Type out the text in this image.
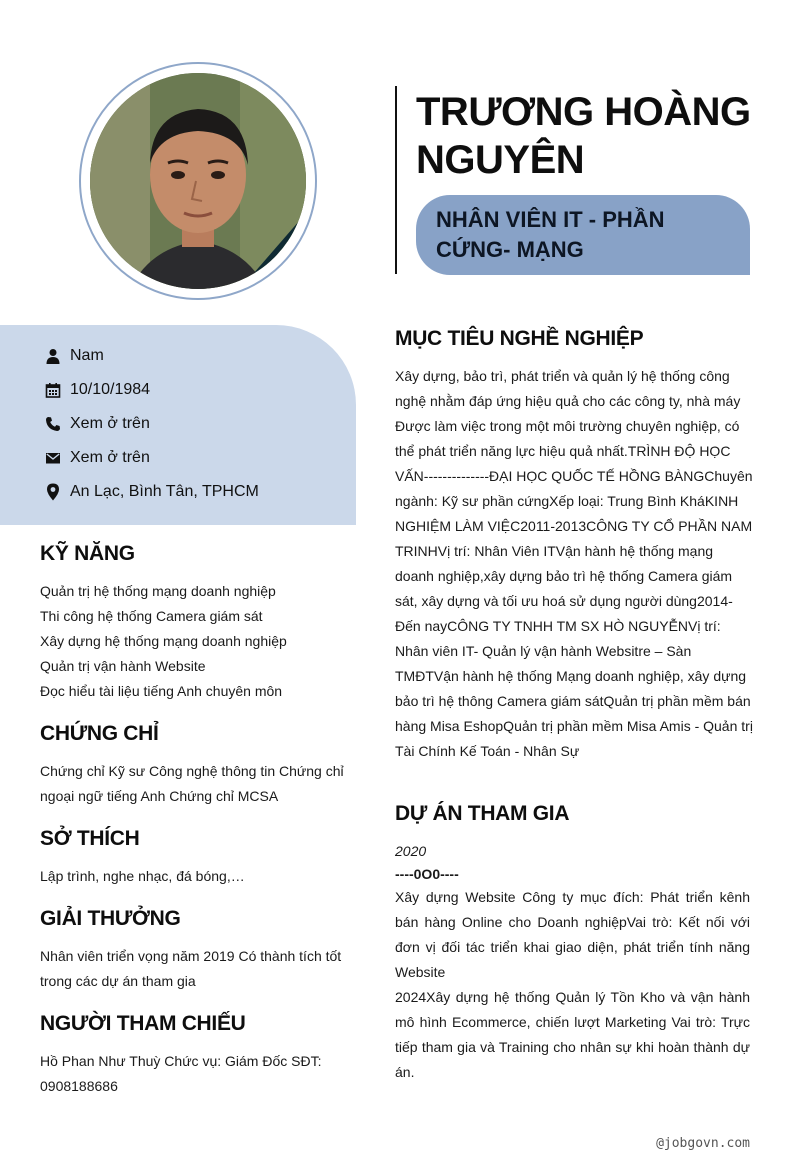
TRƯƠNG HOÀNG NGUYÊN
NHÂN VIÊN IT - PHẦN CỨNG- MẠNG
Nam
10/10/1984
Xem ở trên
Xem ở trên
An Lạc, Bình Tân, TPHCM
KỸ NĂNG
Quản trị hệ thống mạng doanh nghiệp
Thi công hệ thống Camera giám sát
Xây dựng hệ thống mạng doanh nghiệp
Quản trị vận hành Website
Đọc hiểu tài liệu tiếng Anh chuyên môn
CHỨNG CHỈ

Chứng chỉ Kỹ sư Công nghệ thông tin Chứng chỉ ngoại ngữ tiếng Anh Chứng chỉ MCSA

SỞ THÍCH

Lập trình, nghe nhạc, đá bóng,…

GIẢI THƯỞNG

Nhân viên triển vọng năm 2019 Có thành tích tốt trong các dự án tham gia

NGƯỜI THAM CHIẾU

Hồ Phan Như Thuỳ Chức vụ: Giám Đốc SĐT: 0908188686

MỤC TIÊU NGHỀ NGHIỆP

Xây dựng, bảo trì, phát triển và quản lý hệ thống công nghệ nhằm đáp ứng hiệu quả cho các công ty, nhà máy Được làm việc trong một môi trường chuyên nghiệp, có thể phát triển năng lực hiệu quả nhất.TRÌNH ĐỘ HỌC VẤN--------------ĐẠI HỌC QUỐC TẾ HỒNG BÀNGChuyên ngành: Kỹ sư phần cứngXếp loại: Trung Bình KháKINH NGHIỆM LÀM VIỆC2011-2013CÔNG TY CỔ PHẦN NAM TRINHVị trí: Nhân Viên ITVận hành hệ thống mạng doanh nghiệp,xây dựng bảo trì hệ thống Camera giám sát, xây dựng và tối ưu hoá sử dụng người dùng2014- Đến nayCÔNG TY TNHH TM SX HÒ NGUYỄNVị trí: Nhân viên IT- Quản lý vận hành Websitre – Sàn TMĐTVận hành hệ thống Mạng doanh nghiệp, xây dựng bảo trì hệ thông Camera giám sátQuản trị phần mềm bán hàng Misa EshopQuản trị phần mềm Misa Amis - Quản trị Tài Chính Kế Toán - Nhân Sự

DỰ ÁN THAM GIA
2020
----0O0----

Xây dựng Website Công ty mục đích: Phát triển kênh bán hàng Online cho Doanh nghiệpVai trò: Kết nối với đơn vị đối tác triển khai giao diện, phát triển tính năng Website

2024Xây dựng hệ thống Quản lý Tồn Kho và vận hành mô hình Ecommerce, chiến lượt Marketing Vai trò: Trực tiếp tham gia và Training cho nhân sự khi hoàn thành dự án.

@jobgovn.com
